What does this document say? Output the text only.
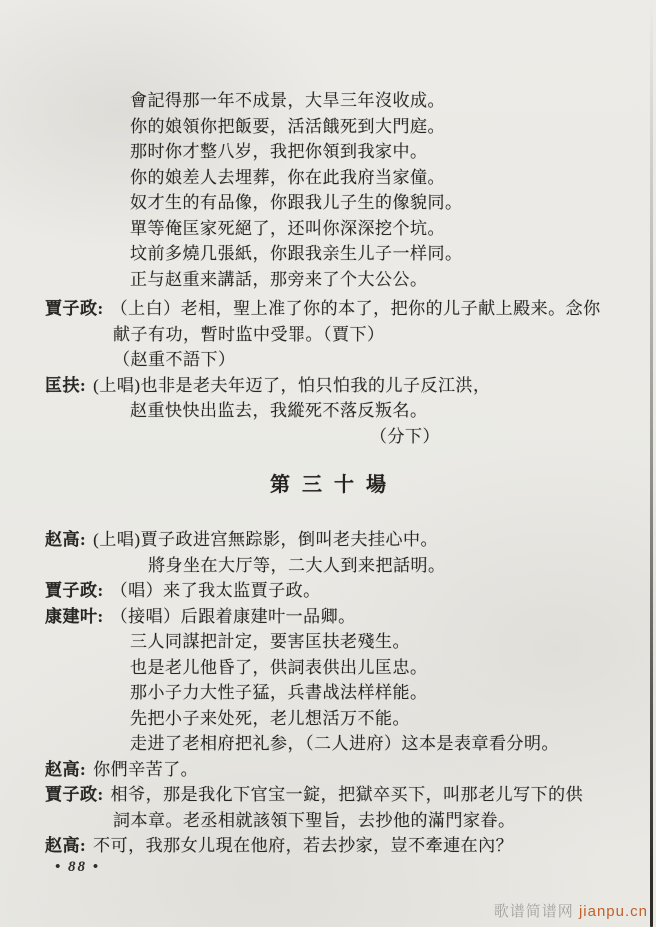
會記得那一年不成景，大旱三年沒收成。
你的娘領你把飯要，活活餓死到大門庭。
那时你才整八岁，我把你領到我家中。
你的娘差人去埋葬，你在此我府当家僮。
奴才生的有品像，你跟我儿子生的像貌同。
單等俺匡家死絕了，还叫你深深挖个坑。
坟前多燒几張紙，你跟我亲生儿子一样同。
正与赵重来講話，那旁来了个大公公。
賈子政: （上白）老相，聖上准了你的本了，把你的儿子献上殿来。念你
献子有功，暫时监中受罪。（賈下）
（赵重不語下）
匡扶: (上唱)也非是老夫年迈了，怕只怕我的儿子反江洪，
赵重快快出监去，我縱死不落反叛名。
（分下）
第三十場
赵高: (上唱)賈子政进宫無踪影，倒叫老夫挂心中。
將身坐在大厅等，二大人到来把話明。
賈子政: （唱）来了我太监賈子政。
康建叶: （接唱）后跟着康建叶一品卿。
三人同謀把計定，要害匡扶老殘生。
也是老儿他昏了，供詞表供出儿匡忠。
那小子力大性子猛，兵書战法样样能。
先把小子来处死，老儿想活万不能。
走进了老相府把礼参，（二人进府）这本是表章看分明。
赵高: 你們辛苦了。
賈子政: 相爷，那是我化下官宝一錠，把獄卒买下，叫那老儿写下的供
詞本章。老丞相就該領下聖旨，去抄他的滿門家眷。
赵高: 不可，我那女儿現在他府，若去抄家，豈不牽連在內？
• 88 •
歌谱简谱网 jianpu.cn
